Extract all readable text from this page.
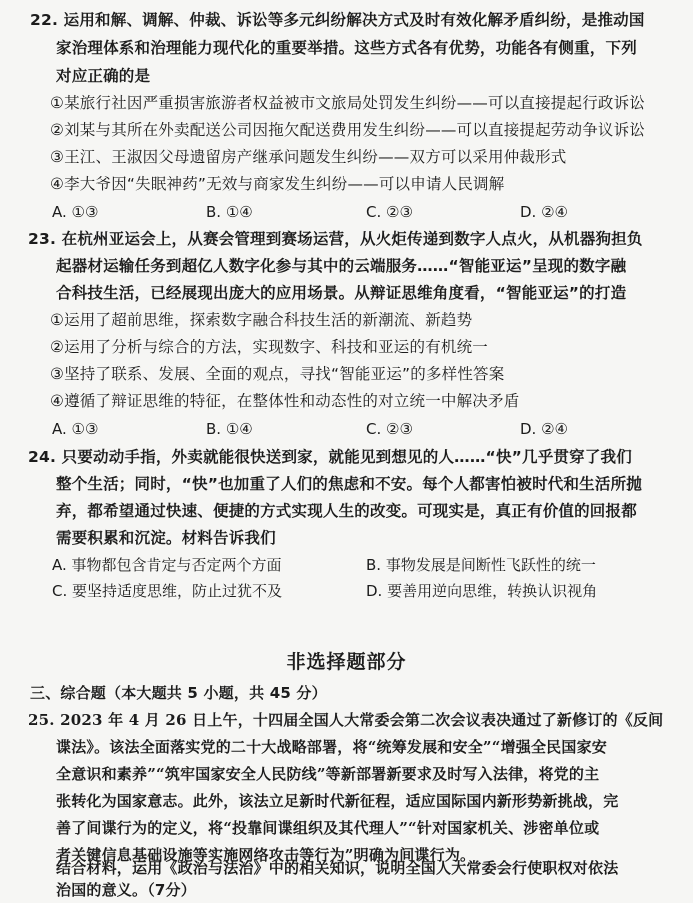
22. 运用和解、调解、仲裁、诉讼等多元纠纷解决方式及时有效化解矛盾纠纷，是推动国
家治理体系和治理能力现代化的重要举措。这些方式各有优势，功能各有侧重，下列
对应正确的是
①某旅行社因严重损害旅游者权益被市文旅局处罚发生纠纷——可以直接提起行政诉讼
②刘某与其所在外卖配送公司因拖欠配送费用发生纠纷——可以直接提起劳动争议诉讼
③王江、王淑因父母遗留房产继承问题发生纠纷——双方可以采用仲裁形式
④李大爷因“失眠神药”无效与商家发生纠纷——可以申请人民调解
A. ①③	B. ①④	C. ②③	D. ②④
23. 在杭州亚运会上，从赛会管理到赛场运营，从火炬传递到数字人点火，从机器狗担负
起器材运输任务到超亿人数字化参与其中的云端服务……“智能亚运”呈现的数字融
合科技生活，已经展现出庞大的应用场景。从辩证思维角度看，“智能亚运”的打造
①运用了超前思维，探索数字融合科技生活的新潮流、新趋势
②运用了分析与综合的方法，实现数字、科技和亚运的有机统一
③坚持了联系、发展、全面的观点，寻找“智能亚运”的多样性答案
④遵循了辩证思维的特征，在整体性和动态性的对立统一中解决矛盾
A. ①③	B. ①④	C. ②③	D. ②④
24. 只要动动手指，外卖就能很快送到家，就能见到想见的人……“快”几乎贯穿了我们
整个生活；同时，“快”也加重了人们的焦虑和不安。每个人都害怕被时代和生活所抛
弃，都希望通过快速、便捷的方式实现人生的改变。可现实是，真正有价值的回报都
需要积累和沉淀。材料告诉我们
A. 事物都包含肯定与否定两个方面	B. 事物发展是间断性飞跃性的统一
C. 要坚持适度思维，防止过犹不及	D. 要善用逆向思维，转换认识视角
非选择题部分
三、综合题（本大题共 5 小题，共 45 分）
25. 2023 年 4 月 26 日上午，十四届全国人大常委会第二次会议表决通过了新修订的《反间
谍法》。该法全面落实党的二十大战略部署，将“统筹发展和安全”“增强全民国家安
全意识和素养”“筑牢国家安全人民防线”等新部署新要求及时写入法律，将党的主
张转化为国家意志。此外，该法立足新时代新征程，适应国际国内新形势新挑战，完
善了间谍行为的定义，将“投靠间谍组织及其代理人”“针对国家机关、涉密单位或
者关键信息基础设施等实施网络攻击等行为”明确为间谍行为。
结合材料，运用《政治与法治》中的相关知识，说明全国人大常委会行使职权对依法
治国的意义。（7分）
